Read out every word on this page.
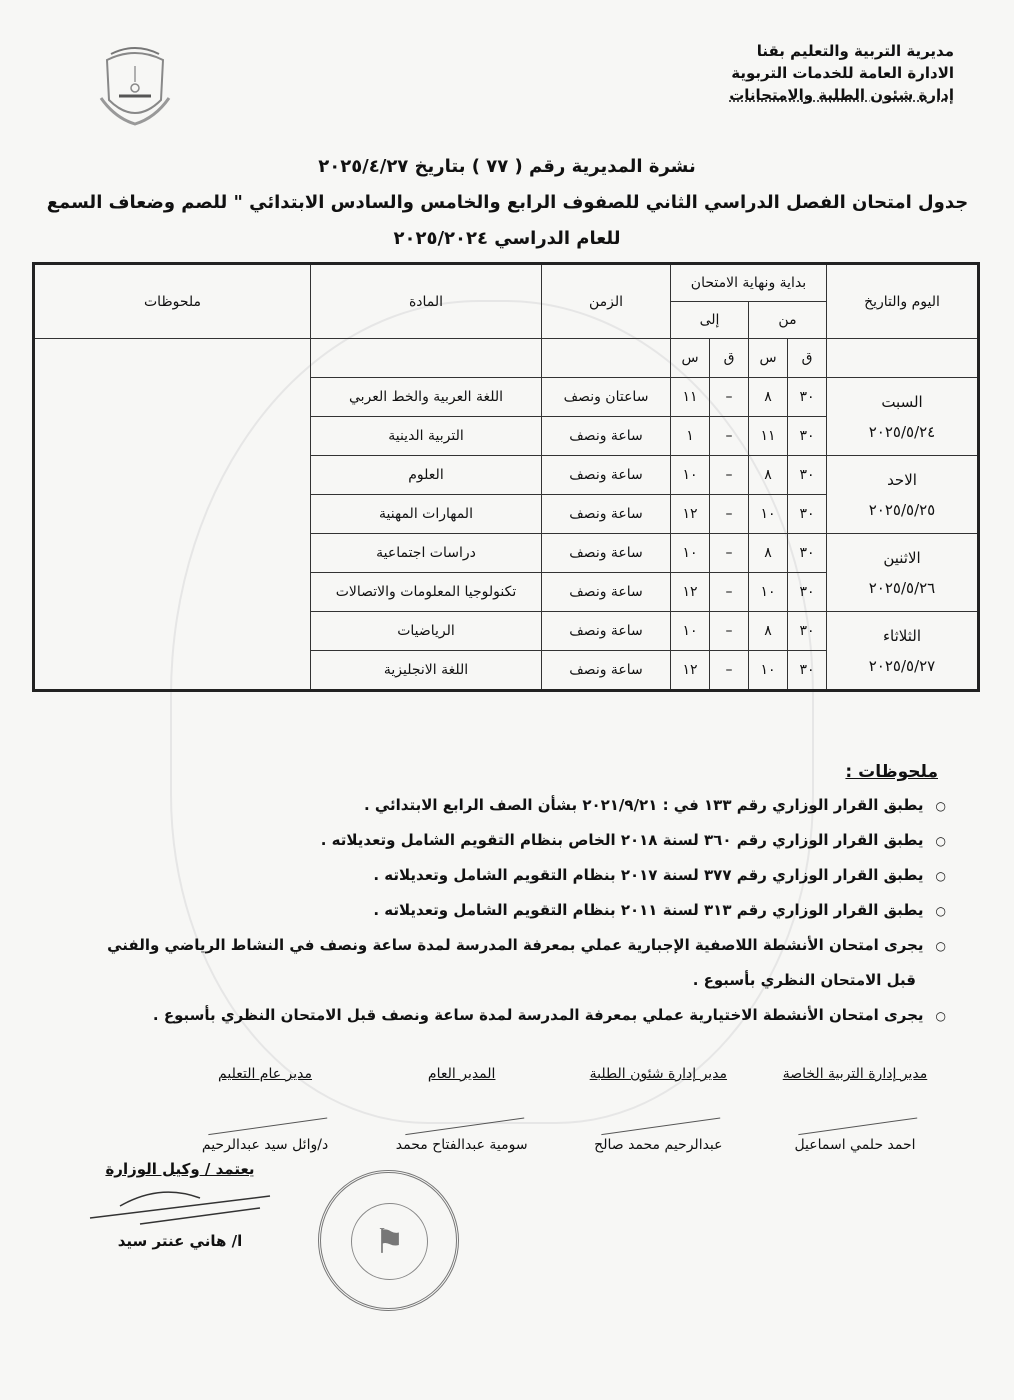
مديرية التربية والتعليم بقنا
الادارة العامة للخدمات التربوية
إدارة شئون الطلبة والامتحانات
نشرة المديرية رقم ( ٧٧ ) بتاريخ ٢٠٢٥/٤/٢٧
جدول امتحان الفصل الدراسي الثاني للصفوف الرابع والخامس والسادس الابتدائي " للصم وضعاف السمع
للعام الدراسي ٢٠٢٥/٢٠٢٤
اليوم والتاريخ	بداية ونهاية الامتحان				الزمن	المادة	ملحوظات
	من		إلى				
	ق	س	ق	س			

السبت
٢٠٢٥/٥/٢٤	٣٠	٨	–	١١	ساعتان ونصف	اللغة العربية والخط العربي	
	٣٠	١١	–	١	ساعة ونصف	التربية الدينية	

الاحد
٢٠٢٥/٥/٢٥	٣٠	٨	–	١٠	ساعة ونصف	العلوم	
	٣٠	١٠	–	١٢	ساعة ونصف	المهارات المهنية	

الاثنين
٢٠٢٥/٥/٢٦	٣٠	٨	–	١٠	ساعة ونصف	دراسات اجتماعية	
	٣٠	١٠	–	١٢	ساعة ونصف	تكنولوجيا المعلومات والاتصالات	

الثلاثاء
٢٠٢٥/٥/٢٧	٣٠	٨	–	١٠	ساعة ونصف	الرياضيات	
	٣٠	١٠	–	١٢	ساعة ونصف	اللغة الانجليزية	
ملحوظات :
○ يطبق القرار الوزاري رقم ١٣٣ في : ٢٠٢١/٩/٢١ بشأن الصف الرابع الابتدائي .
○ يطبق القرار الوزاري رقم ٣٦٠ لسنة ٢٠١٨ الخاص بنظام التقويم الشامل وتعديلاته .
○ يطبق القرار الوزاري رقم ٣٧٧ لسنة ٢٠١٧ بنظام التقويم الشامل وتعديلاته .
○ يطبق القرار الوزاري رقم ٣١٣ لسنة ٢٠١١ بنظام التقويم الشامل وتعديلاته .
○ يجرى امتحان الأنشطة اللاصفية الإجبارية عملي بمعرفة المدرسة لمدة ساعة ونصف في النشاط الرياضي والفني
قبل الامتحان النظري بأسبوع .
○ يجرى امتحان الأنشطة الاختيارية عملي بمعرفة المدرسة لمدة ساعة ونصف قبل الامتحان النظري بأسبوع .
مدير إدارة التربية الخاصة
احمد حلمي اسماعيل
مدير إدارة شئون الطلبة
عبدالرحيم محمد صالح
المدير العام
سومية عبدالفتاح محمد
مدير عام التعليم
د/وائل سيد عبدالرحيم
يعتمد / وكيل الوزارة
ا/ هاني عنتر سيد	⚑
